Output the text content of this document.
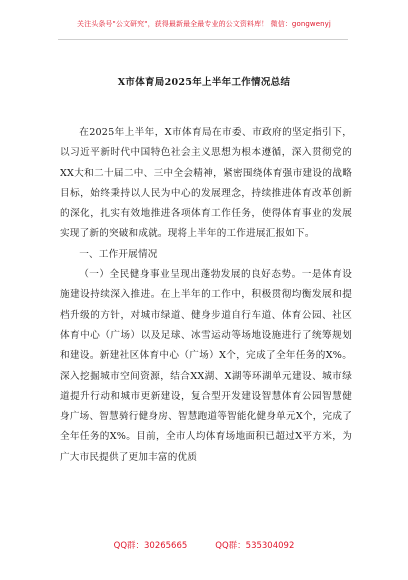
关注头条号"公文研究"，获得最新最全最专业的公文资料库！ 微信：gongwenyj
X市体育局2025年上半年工作情况总结

在2025年上半年，X市体育局在市委、市政府的坚定指引下，以习近平新时代中国特色社会主义思想为根本遵循，深入贯彻党的XX大和二十届二中、三中全会精神，紧密围绕体育强市建设的战略目标，始终秉持以人民为中心的发展理念，持续推进体育改革创新的深化，扎实有效地推进各项体育工作任务，使得体育事业的发展实现了新的突破和成就。现将上半年的工作进展汇报如下。

一、工作开展情况

（一）全民健身事业呈现出蓬勃发展的良好态势。一是体育设施建设持续深入推进。在上半年的工作中，积极贯彻均衡发展和提档升级的方针，对城市绿道、健身步道自行车道、体育公园、社区体育中心（广场）以及足球、冰雪运动等场地设施进行了统筹规划和建设。新建社区体育中心（广场）X个，完成了全年任务的X%。深入挖掘城市空间资源，结合XX湖、X湖等环湖单元建设、城市绿道提升行动和城市更新建设，复合型开发建设智慧体育公园智慧健身广场、智慧骑行健身房、智慧跑道等智能化健身单元X个，完成了全年任务的X%。目前，全市人均体育场地面积已超过X平方米，为广大市民提供了更加丰富的优质

QQ群：30265665	QQ群：535304092
